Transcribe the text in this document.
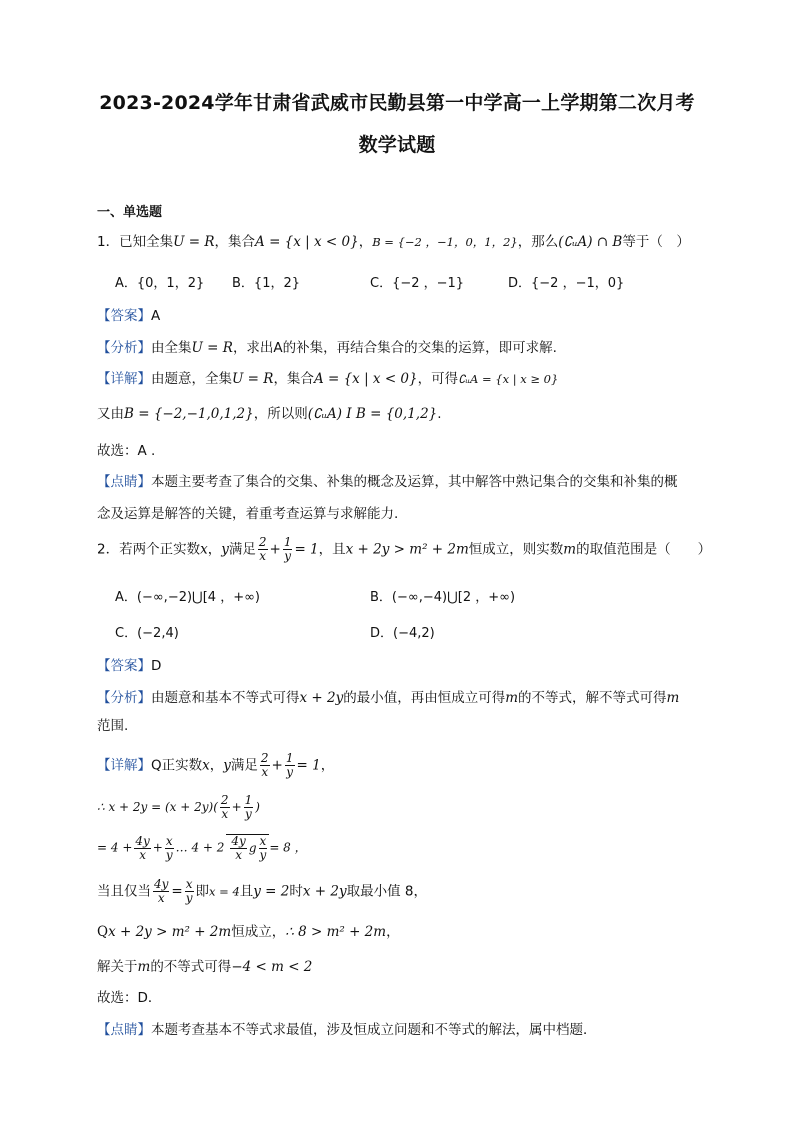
2023-2024学年甘肃省武威市民勤县第一中学高一上学期第二次月考
数学试题
一、单选题
1．已知全集U = R，集合A = {x | x < 0}，B = {−2 ，−1，0，1，2}，那么(∁ᵤA) ∩ B等于（　）
A．{0，1，2} B．{1，2}	C．{−2 ，−1}	D．{−2 ，−1，0}
【答案】A
【分析】由全集U = R，求出A的补集，再结合集合的交集的运算，即可求解.
【详解】由题意，全集U = R，集合A = {x | x < 0}，可得∁ᵤA = {x | x ≥ 0}
又由B = {−2,−1,0,1,2}，所以则(∁ᵤA) I B = {0,1,2}.
故选：A .
【点睛】本题主要考查了集合的交集、补集的概念及运算，其中解答中熟记集合的交集和补集的概
念及运算是解答的关键，着重考查运算与求解能力.
2．若两个正实数x，y满足 $\frac{2}{x} + \frac{1}{y} = 1$，且x + 2y > m² + 2m恒成立，则实数m的取值范围是（　　）
A．(−∞,−2)⋃[4 ，+∞)	B．(−∞,−4)⋃[2 ，+∞)
C．(−2,4)	D．(−4,2)
【答案】D
【分析】由题意和基本不等式可得x + 2y的最小值，再由恒成立可得m的不等式，解不等式可得m
范围.
【详解】Q正实数x，y满足 $\frac{2}{x} + \frac{1}{y} = 1$，
∴ $x + 2y = (x + 2y)( \frac{2}{x} + \frac{1}{y}$ )
= $4 + \frac{4y}{x} + \frac{x}{y}$ … $4 + 2 \frac{4y}{x}$ g $\frac{x}{y} = 8$ ，
当且仅当 $\frac{4y}{x} = \frac{x}{y}$ 即x = 4且y = 2时x + 2y取最小值 8，
Qx + 2y > m² + 2m恒成立，∴ 8 > m² + 2m，
解关于m的不等式可得−4 < m < 2
故选：D．
【点睛】本题考查基本不等式求最值，涉及恒成立问题和不等式的解法，属中档题．
